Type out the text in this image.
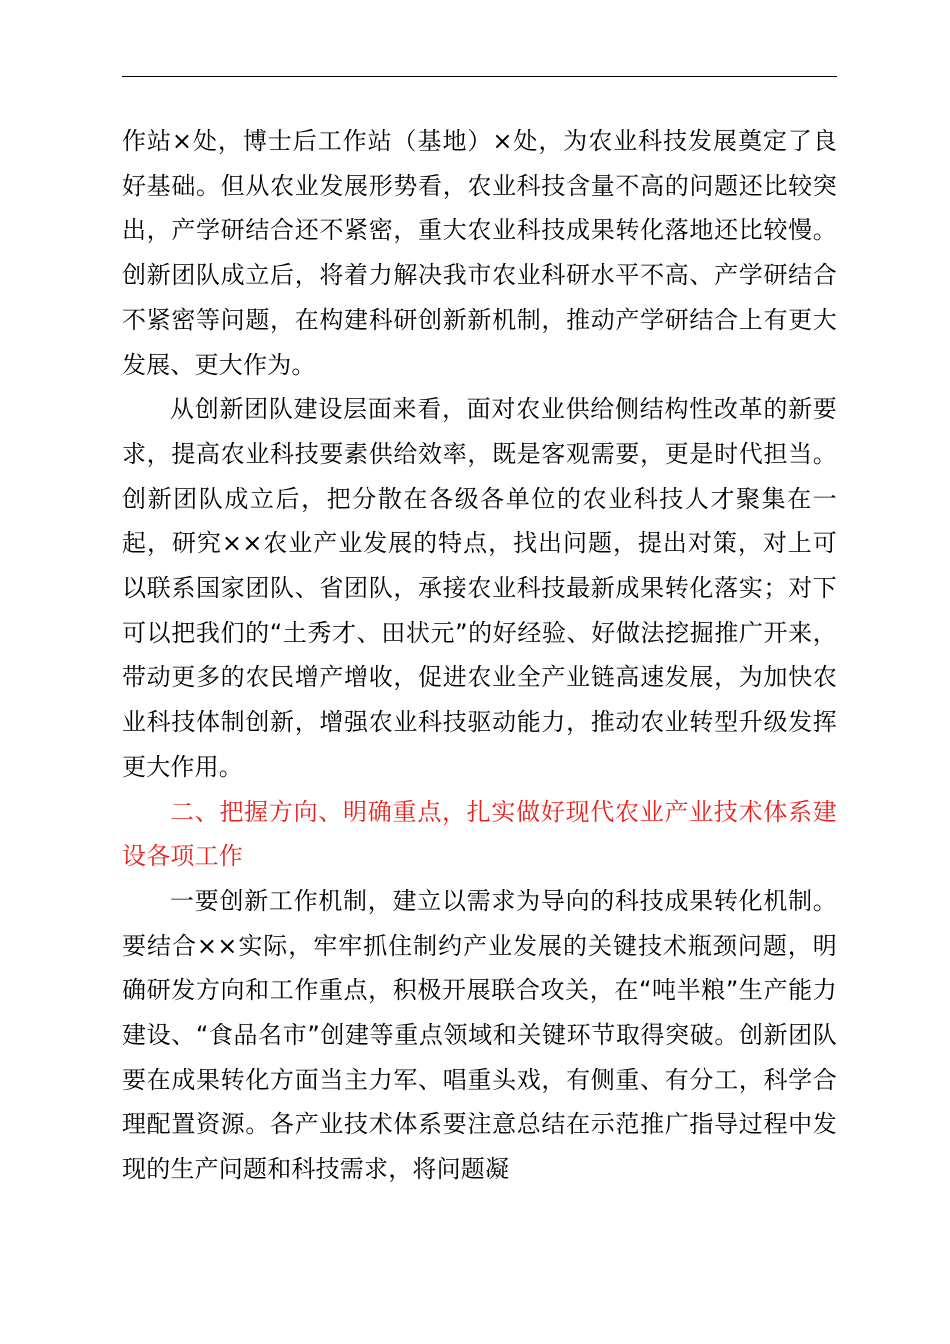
作站×处，博士后工作站（基地）×处，为农业科技发展奠定了良好基础。但从农业发展形势看，农业科技含量不高的问题还比较突出，产学研结合还不紧密，重大农业科技成果转化落地还比较慢。创新团队成立后，将着力解决我市农业科研水平不高、产学研结合不紧密等问题，在构建科研创新新机制，推动产学研结合上有更大发展、更大作为。

从创新团队建设层面来看，面对农业供给侧结构性改革的新要求，提高农业科技要素供给效率，既是客观需要，更是时代担当。创新团队成立后，把分散在各级各单位的农业科技人才聚集在一起，研究××农业产业发展的特点，找出问题，提出对策，对上可以联系国家团队、省团队，承接农业科技最新成果转化落实；对下可以把我们的“土秀才、田状元”的好经验、好做法挖掘推广开来，带动更多的农民增产增收，促进农业全产业链高速发展，为加快农业科技体制创新，增强农业科技驱动能力，推动农业转型升级发挥更大作用。

二、把握方向、明确重点，扎实做好现代农业产业技术体系建设各项工作

一要创新工作机制，建立以需求为导向的科技成果转化机制。要结合××实际，牢牢抓住制约产业发展的关键技术瓶颈问题，明确研发方向和工作重点，积极开展联合攻关，在“吨半粮”生产能力建设、“食品名市”创建等重点领域和关键环节取得突破。创新团队要在成果转化方面当主力军、唱重头戏，有侧重、有分工，科学合理配置资源。各产业技术体系要注意总结在示范推广指导过程中发现的生产问题和科技需求，将问题凝
